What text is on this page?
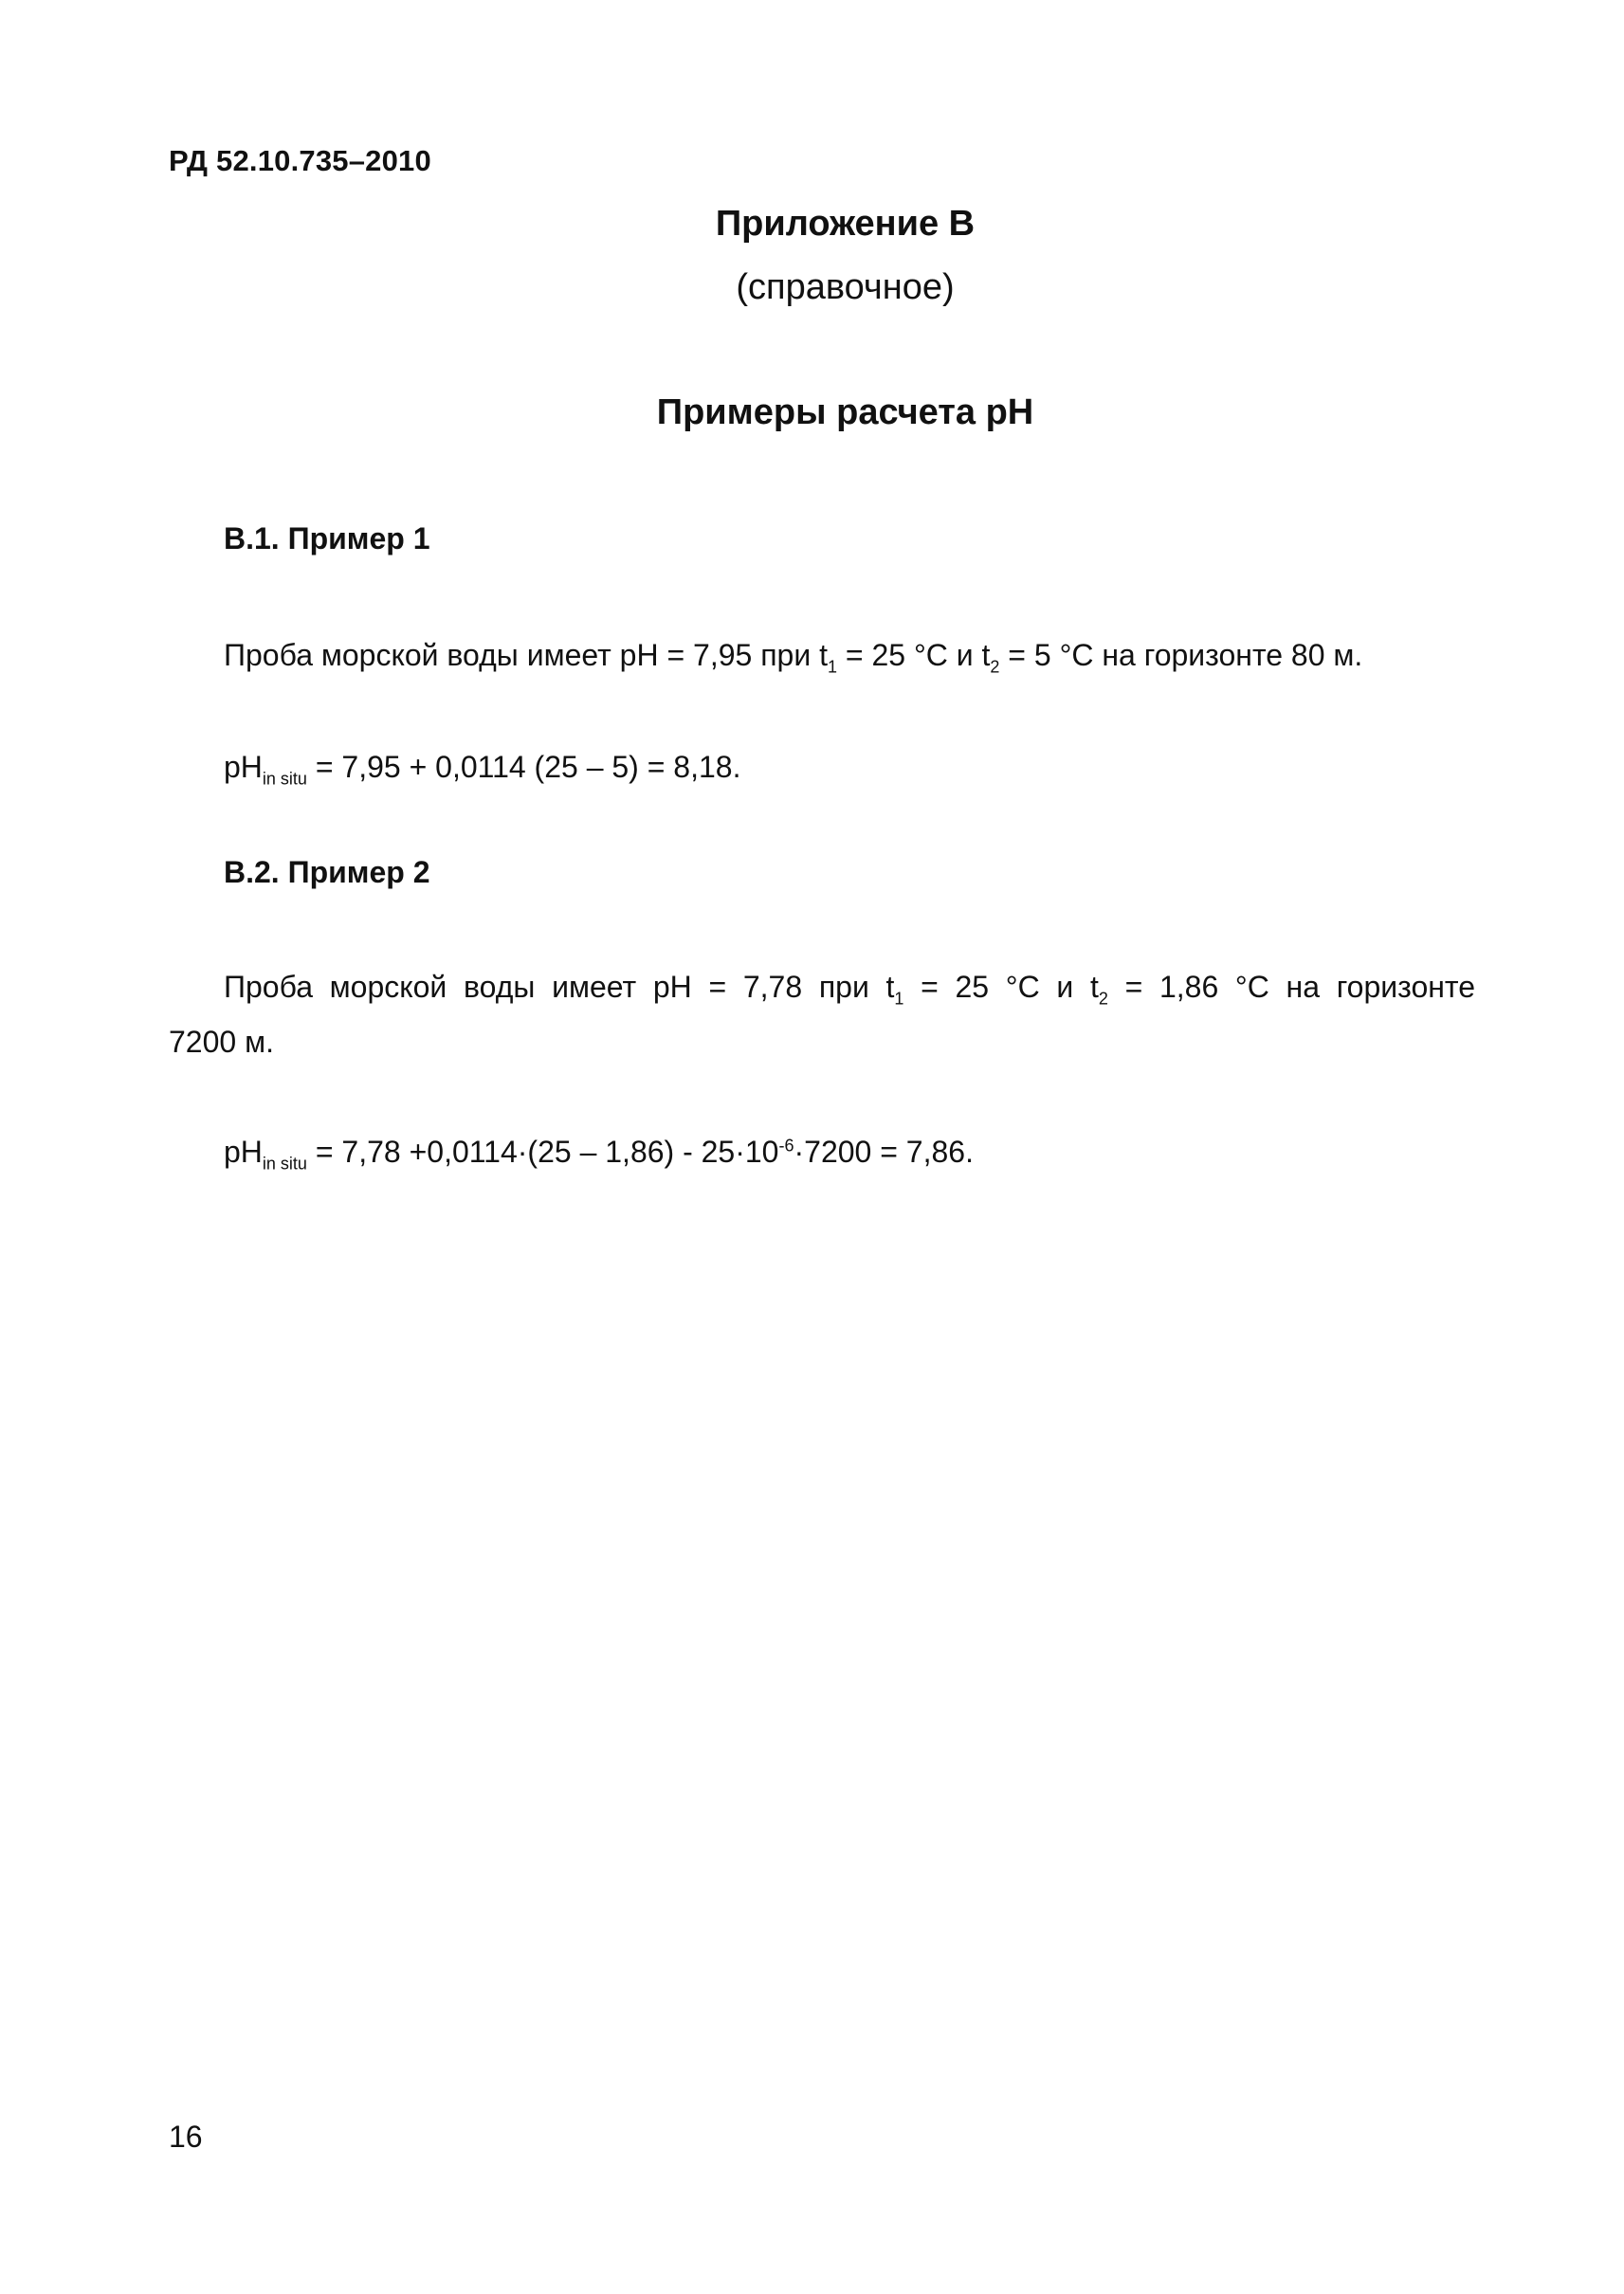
РД 52.10.735–2010
Приложение В
(справочное)
Примеры расчета рН
В.1. Пример 1
Проба морской воды имеет рН = 7,95 при $t_1 = 25$ °С и $t_2 = 5$ °С на горизонте 80 м.
$рН_{in situ} = 7,95 + 0,0114$ (25 – 5) = 8,18.
В.2. Пример 2
Проба морской воды имеет рН = 7,78 при $t_1 = 25$ °С и $t_2 = 1,86$ °С на горизонте
7200 м.
$рН_{in situ} = 7,78 +0,0114\cdot(25 - 1,86) - 25\cdot 10^{-6}\cdot 7200 = 7,86$.
16
